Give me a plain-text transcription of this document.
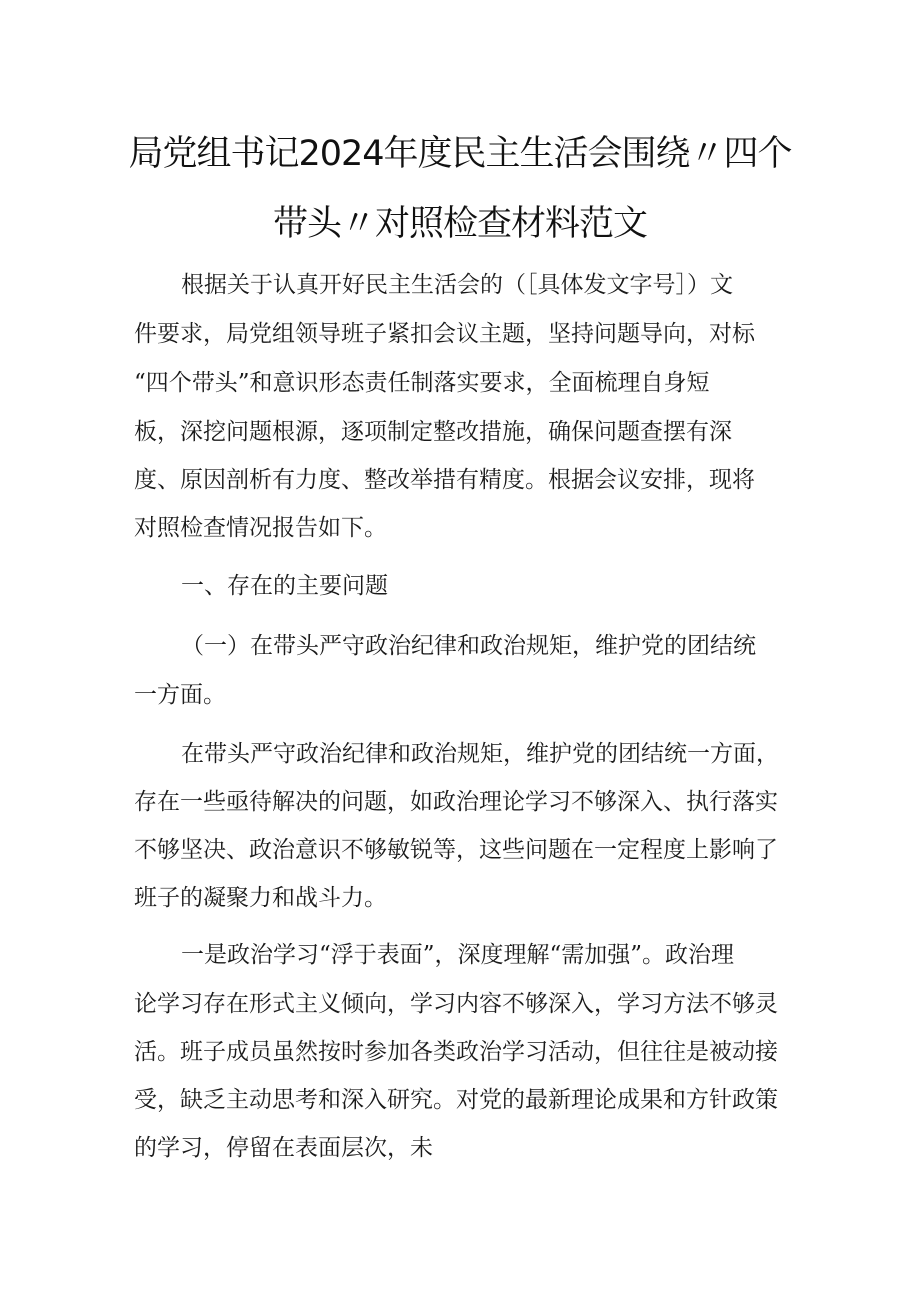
局党组书记2024年度民主生活会围绕〃四个
带头〃对照检查材料范文

根据关于认真开好民主生活会的（［具体发文字号］）文

件要求，局党组领导班子紧扣会议主题，坚持问题导向，对标

“四个带头”和意识形态责任制落实要求，全面梳理自身短

板，深挖问题根源，逐项制定整改措施，确保问题查摆有深

度、原因剖析有力度、整改举措有精度。根据会议安排，现将

对照检查情况报告如下。

一、存在的主要问题

（一）在带头严守政治纪律和政治规矩，维护党的团结统

一方面。

在带头严守政治纪律和政治规矩，维护党的团结统一方面，

存在一些亟待解决的问题，如政治理论学习不够深入、执行落实

不够坚决、政治意识不够敏锐等，这些问题在一定程度上影响了

班子的凝聚力和战斗力。

一是政治学习“浮于表面”，深度理解“需加强”。政治理

论学习存在形式主义倾向，学习内容不够深入，学习方法不够灵

活。班子成员虽然按时参加各类政治学习活动，但往往是被动接

受，缺乏主动思考和深入研究。对党的最新理论成果和方针政策

的学习，停留在表面层次，未
